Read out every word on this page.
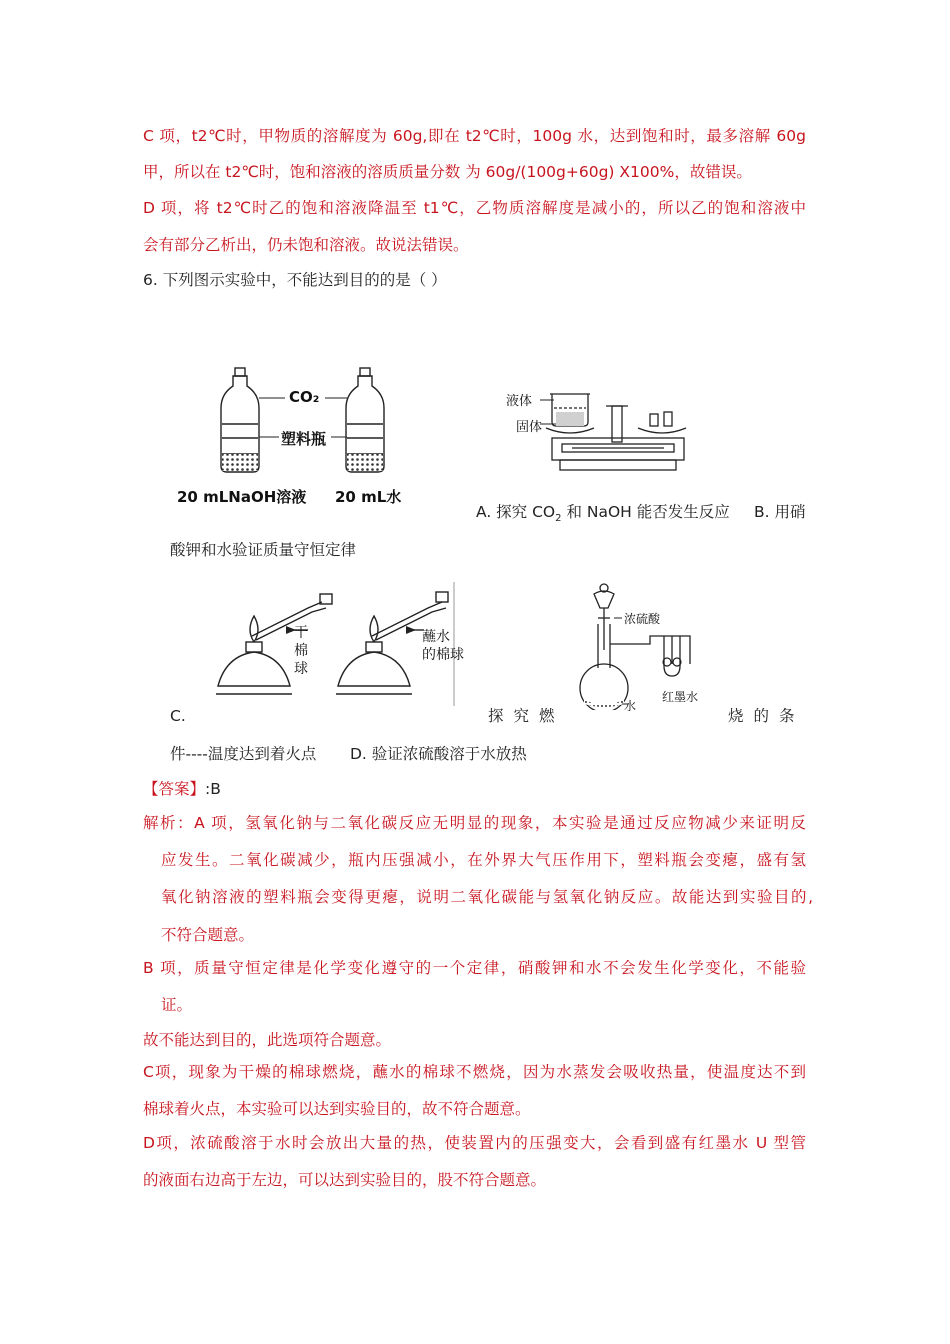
C 项，t2℃时，甲物质的溶解度为 60g,即在 t2℃时，100g 水，达到饱和时，最多溶解 60g
甲，所以在 t2℃时，饱和溶液的溶质质量分数 为 60g/(100g+60g) X100%，故错误。
D 项，将 t2℃时乙的饱和溶液降温至 t1℃，乙物质溶解度是减小的，所以乙的饱和溶液中
会有部分乙析出，仍未饱和溶液。故说法错误。
6. 下列图示实验中，不能达到目的的是（ ）
CO₂
塑料瓶
20 mLNaOH溶液 20 mL水
液体
固体
A. 探究 $CO_2$ 和 NaOH 能否发生反应 B. 用硝
酸钾和水验证质量守恒定律
干
棉
球
蘸水
的棉球
浓硫酸
水
红墨水
C.	探究燃	烧的条
件----温度达到着火点 D. 验证浓硫酸溶于水放热
【答案】:B
解析：A 项，氢氧化钠与二氧化碳反应无明显的现象，本实验是通过反应物减少来证明反
应发生。二氧化碳减少，瓶内压强减小，在外界大气压作用下，塑料瓶会变瘪，盛有氢
氧化钠溶液的塑料瓶会变得更瘪，说明二氧化碳能与氢氧化钠反应。故能达到实验目的,
不符合题意。
B 项，质量守恒定律是化学变化遵守的一个定律，硝酸钾和水不会发生化学变化，不能验
证。
故不能达到目的，此选项符合题意。
C项，现象为干燥的棉球燃烧，蘸水的棉球不燃烧，因为水蒸发会吸收热量，使温度达不到
棉球着火点，本实验可以达到实验目的，故不符合题意。
D项，浓硫酸溶于水时会放出大量的热，使装置内的压强变大，会看到盛有红墨水 U 型管
的液面右边高于左边，可以达到实验目的，股不符合题意。
